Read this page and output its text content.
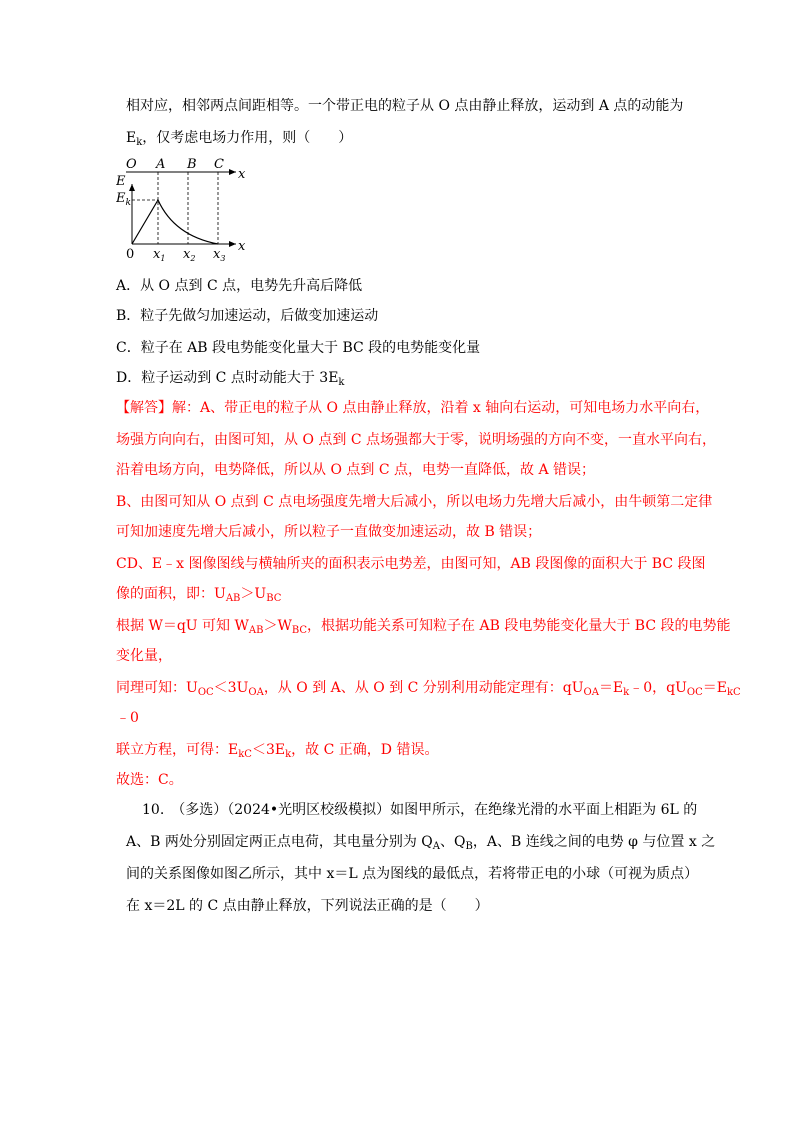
相对应，相邻两点间距相等。一个带正电的粒子从 O 点由静止释放，运动到 A 点的动能为
$E_k$，仅考虑电场力作用，则（　　）
O A B C
x
E
$E_k$
0
x
$x_1$ $x_2$ $x_3$
A．从 O 点到 C 点，电势先升高后降低
B．粒子先做匀加速运动，后做变加速运动
C．粒子在 AB 段电势能变化量大于 BC 段的电势能变化量
D．粒子运动到 C 点时动能大于 $3E_k$
【解答】解：A、带正电的粒子从 O 点由静止释放，沿着 x 轴向右运动，可知电场力水平向右，
场强方向向右，由图可知，从 O 点到 C 点场强都大于零，说明场强的方向不变，一直水平向右，
沿着电场方向，电势降低，所以从 O 点到 C 点，电势一直降低，故 A 错误；
B、由图可知从 O 点到 C 点电场强度先增大后减小，所以电场力先增大后减小，由牛顿第二定律
可知加速度先增大后减小，所以粒子一直做变加速运动，故 B 错误；
CD、E﹣x 图像图线与横轴所夹的面积表示电势差，由图可知，AB 段图像的面积大于 BC 段图
像的面积，即：$U_{AB}>U_{BC}$
根据 W＝qU 可知 $W_{AB}>W_{BC}$，根据功能关系可知粒子在 AB 段电势能变化量大于 BC 段的电势能
变化量，
同理可知：$U_{OC}<3U_{OA}$，从 O 到 A、从 O 到 C 分别利用动能定理有：$qU_{OA}=E_k﹣0$，$qU_{OC}=E_{kC}$
﹣0
联立方程，可得：$E_{kC}<3E_k$，故 C 正确，D 错误。
故选：C。
10.　（多选）（2024•光明区校级模拟）如图甲所示，在绝缘光滑的水平面上相距为 6L 的
A、B 两处分别固定两正点电荷，其电量分别为 $Q_A$、$Q_B$，A、B 连线之间的电势 φ 与位置 x 之
间的关系图像如图乙所示，其中 x＝L 点为图线的最低点，若将带正电的小球（可视为质点）
在 x＝2L 的 C 点由静止释放，下列说法正确的是（　　）
